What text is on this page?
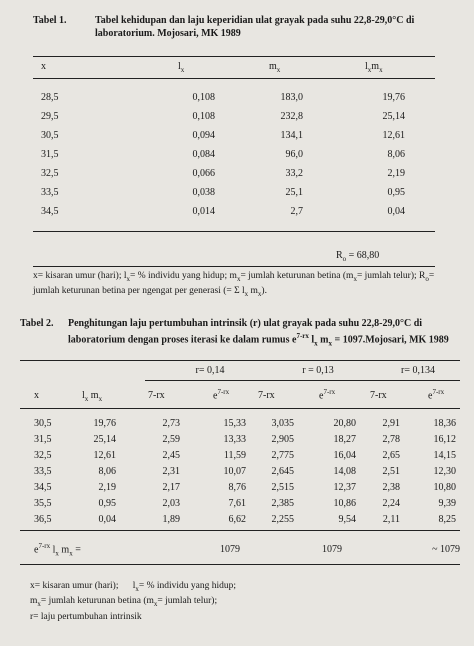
Tabel 1.	Tabel kehidupan dan laju keperidian ulat grayak pada suhu 22,8-29,0°C di laboratorium. Mojosari, MK 1989
x	$l_x$	$m_x$	$l_xm_x$
28,5	0,108	183,0	19,76
29,5	0,108	232,8	25,14
30,5	0,094	134,1	12,61
31,5	0,084	96,0	8,06
32,5	0,066	33,2	2,19
33,5	0,038	25,1	0,95
34,5	0,014	2,7	0,04
$R_o = 68,80$
x= kisaran umur (hari); $l_x=$ % individu yang hidup; $m_x=$ jumlah keturunan betina ($m_x=$ jumlah telur); $R_o=$ jumlah keturunan betina per ngengat per generasi (= Σ $l_x$ $m_x$).
Tabel 2. Penghitungan laju pertumbuhan intrinsik (r) ulat grayak pada suhu 22,8-29,0°C di laboratorium dengan proses iterasi ke dalam rumus $e^{7-rx}$ $l_x$ $m_x$ = 1097.Mojosari, MK 1989
r= 0,14	r = 0,13	r= 0,134
x	$l_x$ $m_x$	7-rx	$e^{7-rx}$	7-rx	$e^{7-rx}$	7-rx	$e^{7-rx}$
30,5	19,76	2,73	15,33	3,035	20,80	2,91	18,36
31,5	25,14	2,59	13,33	2,905	18,27	2,78	16,12
32,5	12,61	2,45	11,59	2,775	16,04	2,65	14,15
33,5	8,06	2,31	10,07	2,645	14,08	2,51	12,30
34,5	2,19	2,17	8,76	2,515	12,37	2,38	10,80
35,5	0,95	2,03	7,61	2,385	10,86	2,24	9,39
36,5	0,04	1,89	6,62	2,255	9,54	2,11	8,25
$e^{7-rx}$ $l_x$ $m_x$ =	1079	1079	~ 1079
x= kisaran umur (hari);      $l_x=$ % individu yang hidup;
$m_x=$ jumlah keturunan betina ($m_x=$ jumlah telur);
r= laju pertumbuhan intrinsik
